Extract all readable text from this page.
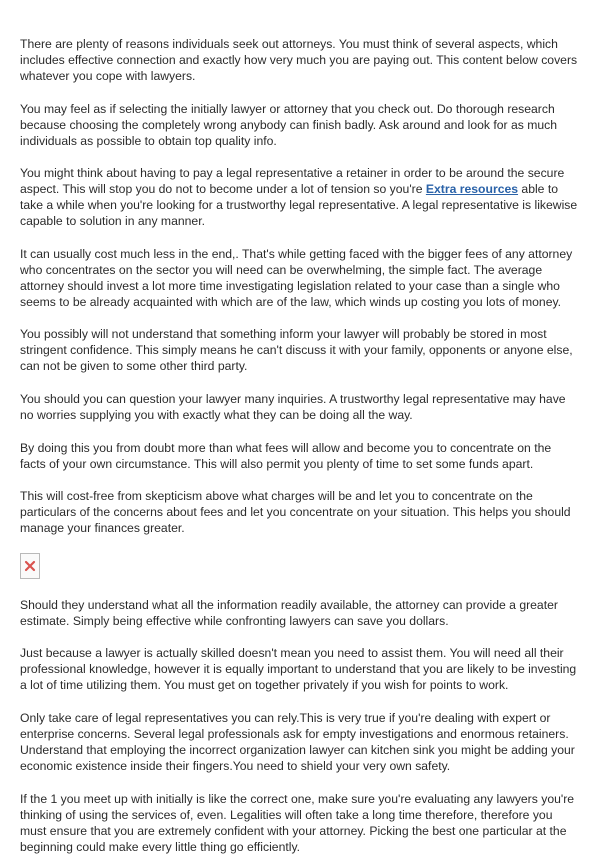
There are plenty of reasons individuals seek out attorneys. You must think of several aspects, which includes effective connection and exactly how very much you are paying out. This content below covers whatever you cope with lawyers.

You may feel as if selecting the initially lawyer or attorney that you check out. Do thorough research because choosing the completely wrong anybody can finish badly. Ask around and look for as much individuals as possible to obtain top quality info.

You might think about having to pay a legal representative a retainer in order to be around the secure aspect. This will stop you do not to become under a lot of tension so you're Extra resources able to take a while when you're looking for a trustworthy legal representative. A legal representative is likewise capable to solution in any manner.

It can usually cost much less in the end,. That's while getting faced with the bigger fees of any attorney who concentrates on the sector you will need can be overwhelming, the simple fact. The average attorney should invest a lot more time investigating legislation related to your case than a single who seems to be already acquainted with which are of the law, which winds up costing you lots of money.

You possibly will not understand that something inform your lawyer will probably be stored in most stringent confidence. This simply means he can't discuss it with your family, opponents or anyone else, can not be given to some other third party.

You should you can question your lawyer many inquiries. A trustworthy legal representative may have no worries supplying you with exactly what they can be doing all the way.

By doing this you from doubt more than what fees will allow and become you to concentrate on the facts of your own circumstance. This will also permit you plenty of time to set some funds apart.

This will cost-free from skepticism above what charges will be and let you to concentrate on the particulars of the concerns about fees and let you concentrate on your situation. This helps you should manage your finances greater.

Should they understand what all the information readily available, the attorney can provide a greater estimate. Simply being effective while confronting lawyers can save you dollars.

Just because a lawyer is actually skilled doesn't mean you need to assist them. You will need all their professional knowledge, however it is equally important to understand that you are likely to be investing a lot of time utilizing them. You must get on together privately if you wish for points to work.

Only take care of legal representatives you can rely.This is very true if you're dealing with expert or enterprise concerns. Several legal professionals ask for empty investigations and enormous retainers. Understand that employing the incorrect organization lawyer can kitchen sink you might be adding your economic existence inside their fingers.You need to shield your very own safety.

If the 1 you meet up with initially is like the correct one, make sure you're evaluating any lawyers you're thinking of using the services of, even. Legalities will often take a long time therefore, therefore you must ensure that you are extremely confident with your attorney. Picking the best one particular at the beginning could make every little thing go efficiently.
